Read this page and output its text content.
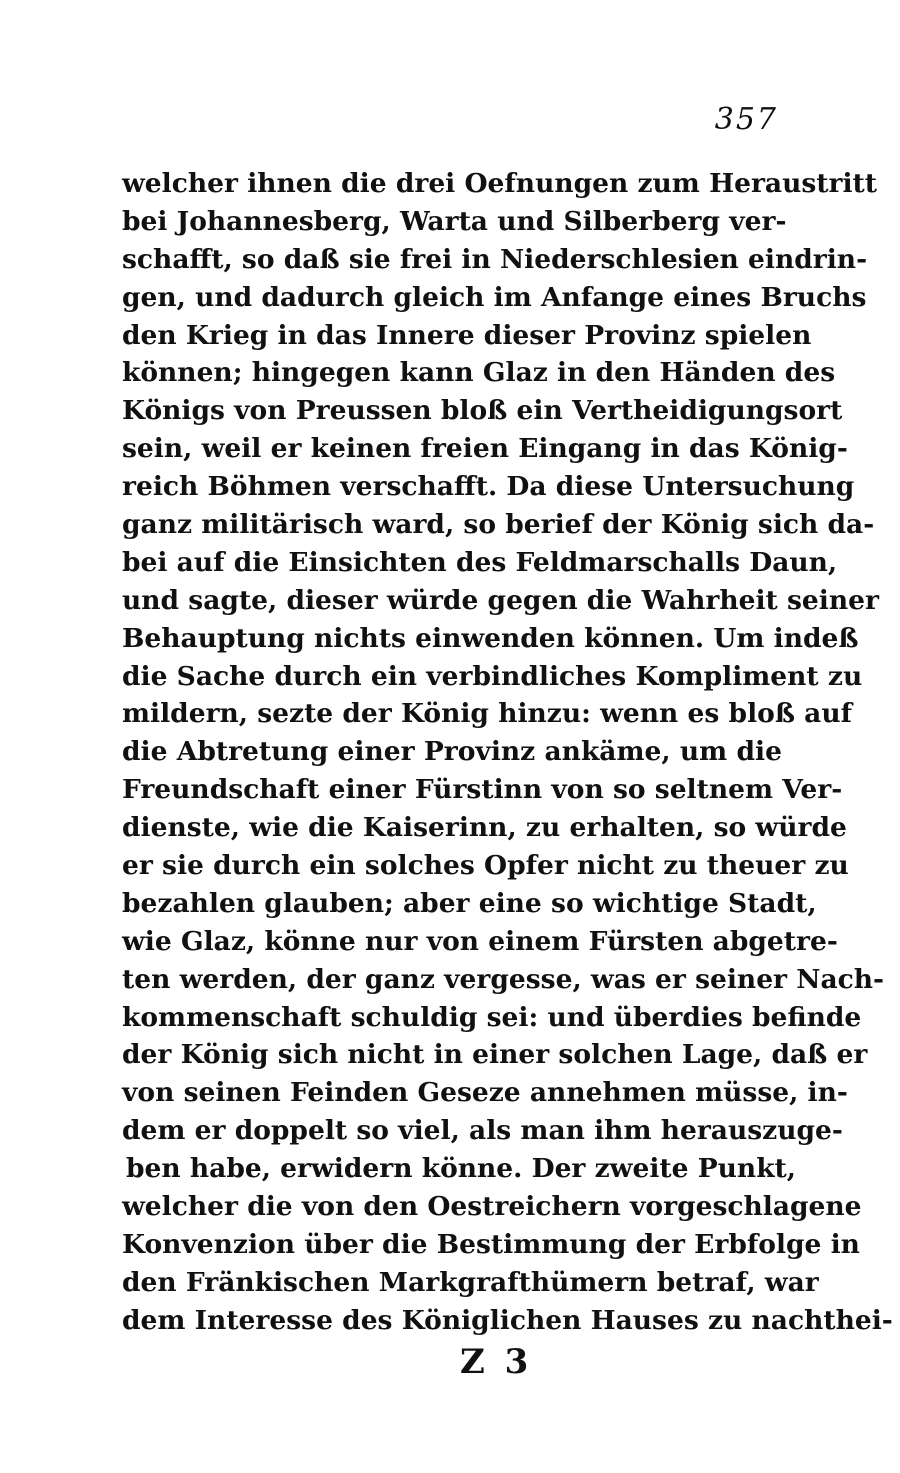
357
welcher ihnen die drei Oefnungen zum Heraustritt
bei Johannesberg, Warta und Silberberg ver-
schafft, so daß sie frei in Niederschlesien eindrin-
gen, und dadurch gleich im Anfange eines Bruchs
den Krieg in das Innere dieser Provinz spielen
können; hingegen kann Glaz in den Händen des
Königs von Preussen bloß ein Vertheidigungsort
sein, weil er keinen freien Eingang in das König-
reich Böhmen verschafft. Da diese Untersuchung
ganz militärisch ward, so berief der König sich da-
bei auf die Einsichten des Feldmarschalls Daun,
und sagte, dieser würde gegen die Wahrheit seiner
Behauptung nichts einwenden können. Um indeß
die Sache durch ein verbindliches Kompliment zu
mildern, sezte der König hinzu: wenn es bloß auf
die Abtretung einer Provinz ankäme, um die
Freundschaft einer Fürstinn von so seltnem Ver-
dienste, wie die Kaiserinn, zu erhalten, so würde
er sie durch ein solches Opfer nicht zu theuer zu
bezahlen glauben; aber eine so wichtige Stadt,
wie Glaz, könne nur von einem Fürsten abgetre-
ten werden, der ganz vergesse, was er seiner Nach-
kommenschaft schuldig sei: und überdies befinde
der König sich nicht in einer solchen Lage, daß er
von seinen Feinden Geseze annehmen müsse, in-
dem er doppelt so viel, als man ihm herauszuge-
ben habe, erwidern könne. Der zweite Punkt,
welcher die von den Oestreichern vorgeschlagene
Konvenzion über die Bestimmung der Erbfolge in
den Fränkischen Markgrafthümern betraf, war
dem Interesse des Königlichen Hauses zu nachthei-
Z 3
